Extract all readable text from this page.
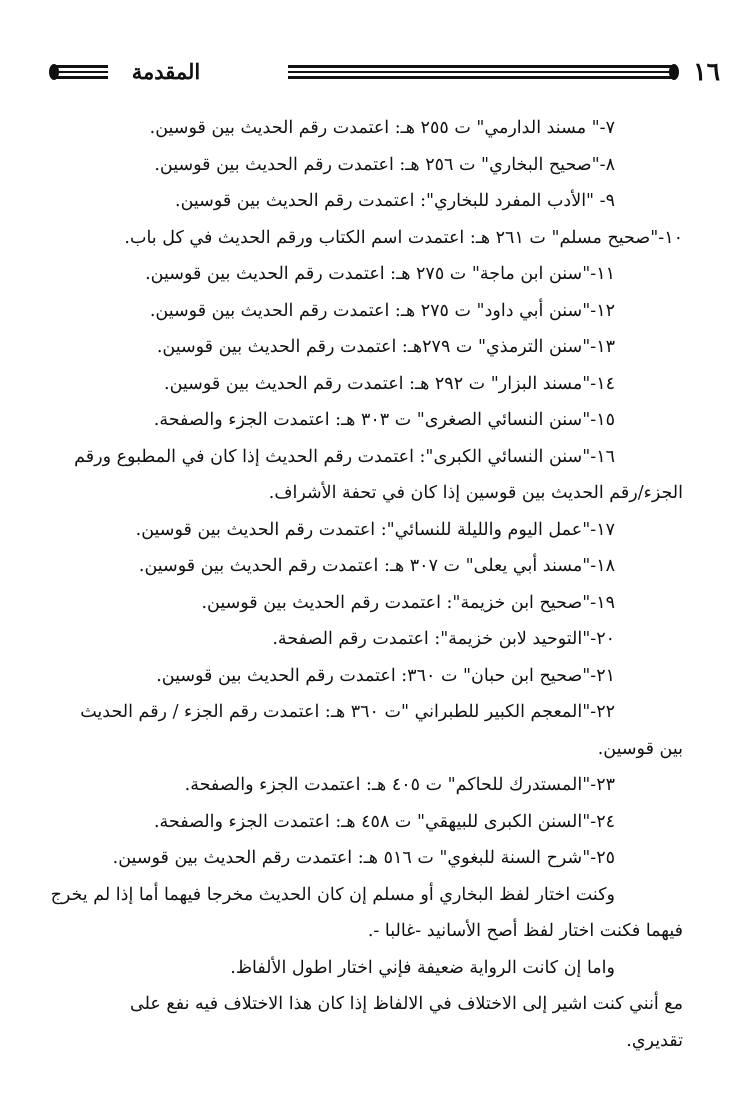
١٦
المقدمة
٧-" مسند الدارمي" ت ٢٥٥ هـ: اعتمدت رقم الحديث بين قوسين.
٨-"صحيح البخاري" ت ٢٥٦ هـ: اعتمدت رقم الحديث بين قوسين.
٩- "الأدب المفرد للبخاري": اعتمدت رقم الحديث بين قوسين.
١٠-"صحيح مسلم" ت ٢٦١ هـ: اعتمدت اسم الكتاب ورقم الحديث في كل باب.
١١-"سنن ابن ماجة" ت ٢٧٥ هـ: اعتمدت رقم الحديث بين قوسين.
١٢-"سنن أبي داود" ت ٢٧٥ هـ: اعتمدت رقم الحديث بين قوسين.
١٣-"سنن الترمذي" ت ٢٧٩هـ: اعتمدت رقم الحديث بين قوسين.
١٤-"مسند البزار" ت ٢٩٢ هـ: اعتمدت رقم الحديث بين قوسين.
١٥-"سنن النسائي الصغرى" ت ٣٠٣ هـ: اعتمدت الجزء والصفحة.
١٦-"سنن النسائي الكبرى": اعتمدت رقم الحديث إذا كان في المطبوع ورقم
الجزء/رقم الحديث بين قوسين إذا كان في تحفة الأشراف.
١٧-"عمل اليوم والليلة للنسائي": اعتمدت رقم الحديث بين قوسين.
١٨-"مسند أبي يعلى" ت ٣٠٧ هـ: اعتمدت رقم الحديث بين قوسين.
١٩-"صحيح ابن خزيمة": اعتمدت رقم الحديث بين قوسين.
٢٠-"التوحيد لابن خزيمة": اعتمدت رقم الصفحة.
٢١-"صحيح ابن حبان" ت ٣٦٠: اعتمدت رقم الحديث بين قوسين.
٢٢-"المعجم الكبير للطبراني "ت ٣٦٠ هـ: اعتمدت رقم الجزء / رقم الحديث
بين قوسين.
٢٣-"المستدرك للحاكم" ت ٤٠٥ هـ: اعتمدت الجزء والصفحة.
٢٤-"السنن الكبرى للبيهقي" ت ٤٥٨ هـ: اعتمدت الجزء والصفحة.
٢٥-"شرح السنة للبغوي" ت ٥١٦ هـ: اعتمدت رقم الحديث بين قوسين.
وكنت اختار لفظ البخاري أو مسلم إن كان الحديث مخرجا فيهما أما إذا لم يخرج
فيهما فكنت اختار لفظ أصح الأسانيد -غالبا -.
واما إن كانت الرواية ضعيفة فإني اختار اطول الألفاظ.
مع أنني كنت اشير إلى الاختلاف في الالفاظ إذا كان هذا الاختلاف فيه نفع على
تقديري.
